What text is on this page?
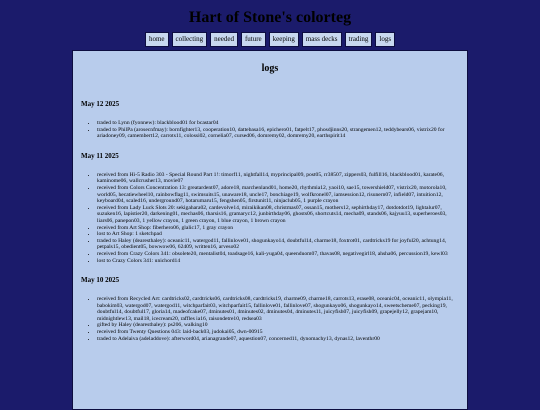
Hart of Stone's colorteg
home	collecting	needed	future	keeping	mass decks	trading	logs
logs
May 12 2025
• traded to Lynn (fyonnew): blackblood01 for bcastar04
• traded to PhilPa (arosecnfmay): bornfighter13, cooperation10, dattebasa16, epichero01, fatpelt17, phosdjinns20, strangemen12, teddybears06, vistrix20 for ariadoney09, camembert12, carrots11, colossi02, cornelia07, cursed06, domremy02, domremy20, earthspirit14
May 11 2025
• received from Hi-5 Radio 303 - Special Round Part 1!: timorf11, nightfall14, myprincipal09, post05, rr38507, zippers03, fulfill16, blackblood01, karate06, kaminome06, wallcrusher13, movie07
• received from Colors Concentration 13: greatardent07, adore18, marchenland01, home20, rhythmia12, yaoi10, sae15, towershield07, vistrix20, motorola10, world05, hecatiewheel10, rainbowflag11, swimsuits15, unaware18, uncle17, bonchiage19, wolfkronel07, iamsession12, risunern07, infield07, intuition12, keyboard04, scaled16, underground07, hotarumaru15, fengshen05, firstunit11, ninjaclub05, 1 purple crayon
• received from Lady Luck Slots 20: sekigahara02, cardevolve14, miraikikan08, christmas07, ossan15, mothers12, sephirthday17, dotdotdot19, lightalur07, suzuken16, lapistier20, darkening01, mechas06, tharsis16, gramaryc12, junbirthday06, ghosts06, shortcuts14, mecha09, stands06, kajyuu13, superheroes03, liars06, panepon03, 1 yellow crayon, 1 green crayon, 1 blue crayon, 1 brown crayon
• received from Art Shop: fiberhero06, glalic17, 1 gray crayon
• lost to Art Shop: 1 sketchpad
• traded to Haley (dearesthaley): oceanic11, watergod11, fallinlove01, shogunkayo14, doubtful14, charme18, foxtrot01, cardtricks19 for joyful20, achtung14, petpals15, obedient05, bowwow06, 62409, written16, arveso02
• received from Crazy Colors 341: obsolete20, mentalist04, toadsage16, kali-yuga04, queenduom07, thavas08, negativegirl18, ahsha06, percussion19, kewl03
• lost to Crazy Colors 341: unichord14
May 10 2025
• received from Recycled Art: cardtricks02, cardtricks06, cardtricks08, cardtricks19, charme09, charme18, carrots13, erase08, oceanic04, oceanic11, olympia11, babokim03, watergod07, watergod11, witchparfait03, witchparfait15, fallinlove01, fallinlove07, shogunkayo06, shogunkayo14, sweetscheme07, pecking19, doubtful14, doubtful17, gloria14, madeofcake07, 4minutes01, 4minutes02, 4minutes04, 4minutes11, juicyfish07, juicyfish09, grapejelly12, grapejam10, midnightlew13, mail18, icecream20, raffles ia16, raisondetre10, redsea03
• gifted by Haley (dearesthaley): ps206, walking10
• received from Twenty Questions 043: laid-back03, judokai05, dwn-00915
• traded to Adelaiva (adeladdove): afterword04, arianagrande07, aquestion07, concerned11, dynomachy13, dynas12, laventhr00
